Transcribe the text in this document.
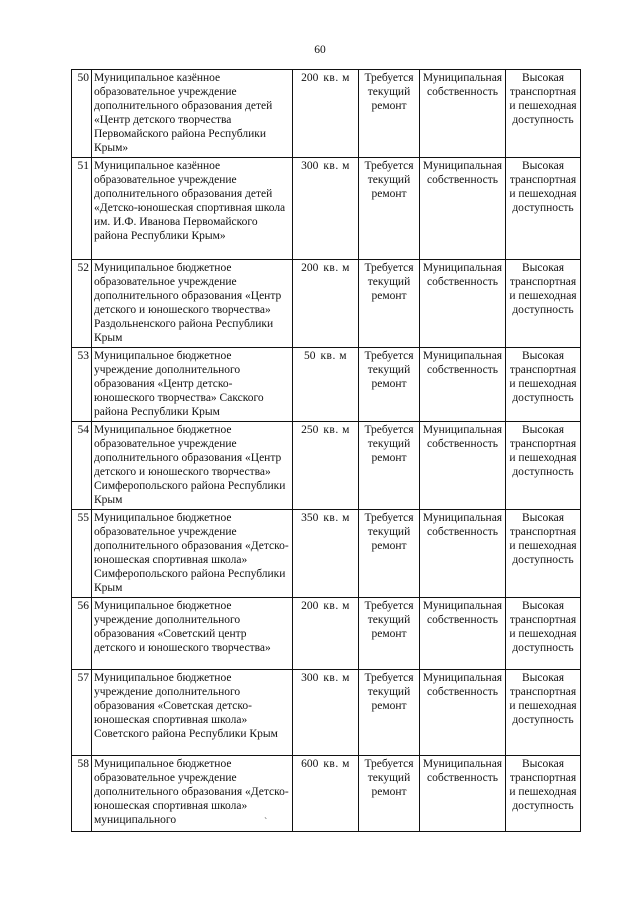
60
50	Муниципальное казённое образовательное учреждение дополнительного образования детей «Центр детского творчества Первомайского района Республики Крым»	200 кв. м	Требуется текущий ремонт	Муниципальная собственность	Высокая транспортная и пешеходная доступность
51	Муниципальное казённое образовательное учреждение дополнительного образования детей «Детско-юношеская спортивная школа им. И.Ф. Иванова Первомайского района Республики Крым»	300 кв. м	Требуется текущий ремонт	Муниципальная собственность	Высокая транспортная и пешеходная доступность
52	Муниципальное бюджетное образовательное учреждение дополнительного образования «Центр детского и юношеского творчества» Раздольненского района Республики Крым	200 кв. м	Требуется текущий ремонт	Муниципальная собственность	Высокая транспортная и пешеходная доступность
53	Муниципальное бюджетное учреждение дополнительного образования «Центр детско-юношеского творчества» Сакского района Республики Крым	50 кв. м	Требуется текущий ремонт	Муниципальная собственность	Высокая транспортная и пешеходная доступность
54	Муниципальное бюджетное образовательное учреждение дополнительного образования «Центр детского и юношеского творчества» Симферопольского района Республики Крым	250 кв. м	Требуется текущий ремонт	Муниципальная собственность	Высокая транспортная и пешеходная доступность
55	Муниципальное бюджетное образовательное учреждение дополнительного образования «Детско-юношеская спортивная школа» Симферопольского района Республики Крым	350 кв. м	Требуется текущий ремонт	Муниципальная собственность	Высокая транспортная и пешеходная доступность
56	Муниципальное бюджетное учреждение дополнительного образования «Советский центр детского и юношеского творчества»	200 кв. м	Требуется текущий ремонт	Муниципальная собственность	Высокая транспортная и пешеходная доступность
57	Муниципальное бюджетное учреждение дополнительного образования «Советская детско-юношеская спортивная школа» Советского района Республики Крым	300 кв. м	Требуется текущий ремонт	Муниципальная собственность	Высокая транспортная и пешеходная доступность
58	Муниципальное бюджетное образовательное учреждение дополнительного образования «Детско-юношеская спортивная школа» муниципального	600 кв. м	Требуется текущий ремонт	Муниципальная собственность	Высокая транспортная и пешеходная доступность
˴
